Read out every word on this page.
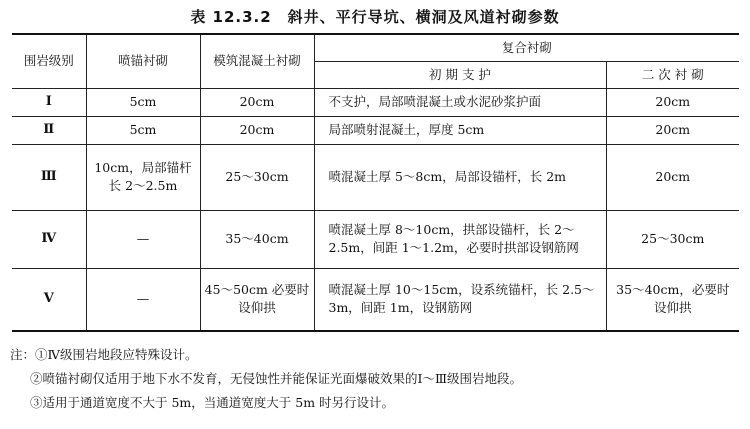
表 12.3.2　斜井、平行导坑、横洞及风道衬砌参数
围岩级别	喷锚衬砌	模筑混凝土衬砌	复合衬砌	
			初 期 支 护	二 次 衬 砌
Ⅰ	5cm	20cm	不支护，局部喷混凝土或水泥砂浆护面	20cm
Ⅱ	5cm	20cm	局部喷射混凝土，厚度 5cm	20cm
Ⅲ	10cm，局部锚杆长 2～2.5m	25～30cm	喷混凝土厚 5～8cm，局部设锚杆，长 2m	20cm
Ⅳ	—	35～40cm	喷混凝土厚 8～10cm，拱部设锚杆，长 2～2.5m，间距 1～1.2m，必要时拱部设钢筋网	25～30cm
Ⅴ	—	45～50cm 必要时设仰拱	喷混凝土厚 10～15cm，设系统锚杆，长 2.5～3m，间距 1m，设钢筋网	35～40cm，必要时设仰拱
注：①Ⅳ级围岩地段应特殊设计。
②喷锚衬砌仅适用于地下水不发育，无侵蚀性并能保证光面爆破效果的Ⅰ～Ⅲ级围岩地段。
③适用于通道宽度不大于 5m，当通道宽度大于 5m 时另行设计。
